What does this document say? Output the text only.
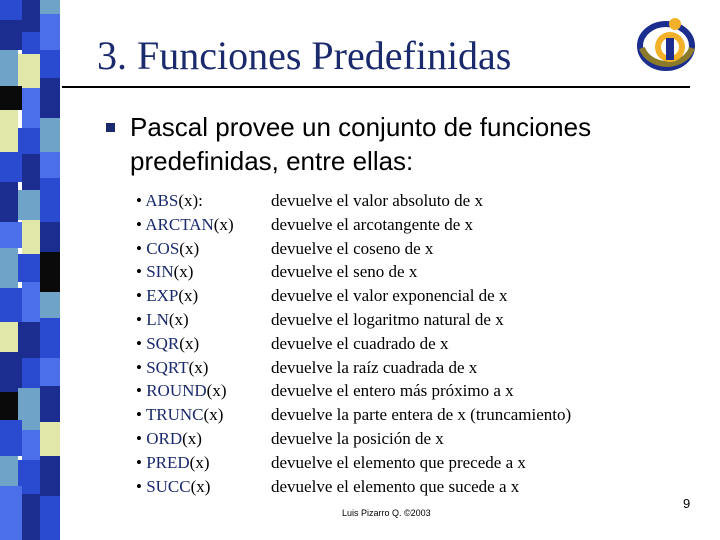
3. Funciones Predefinidas
Pascal provee un conjunto de funciones predefinidas, entre ellas:
• ABS(x):	devuelve el valor absoluto de x
• ARCTAN(x) devuelve el arcotangente de x
• COS(x)	devuelve el coseno de x
• SIN(x)	devuelve el seno de x
• EXP(x)	devuelve el valor exponencial de x
• LN(x)	devuelve el logaritmo natural de x
• SQR(x)	devuelve el cuadrado de x
• SQRT(x)	devuelve la raíz cuadrada de x
• ROUND(x)	devuelve el entero más próximo a x
• TRUNC(x)	devuelve la parte entera de x (truncamiento)
• ORD(x)	devuelve la posición de x
• PRED(x)	devuelve el elemento que precede a x
• SUCC(x)	devuelve el elemento que sucede a x
Luis Pizarro Q. ©2003
9
